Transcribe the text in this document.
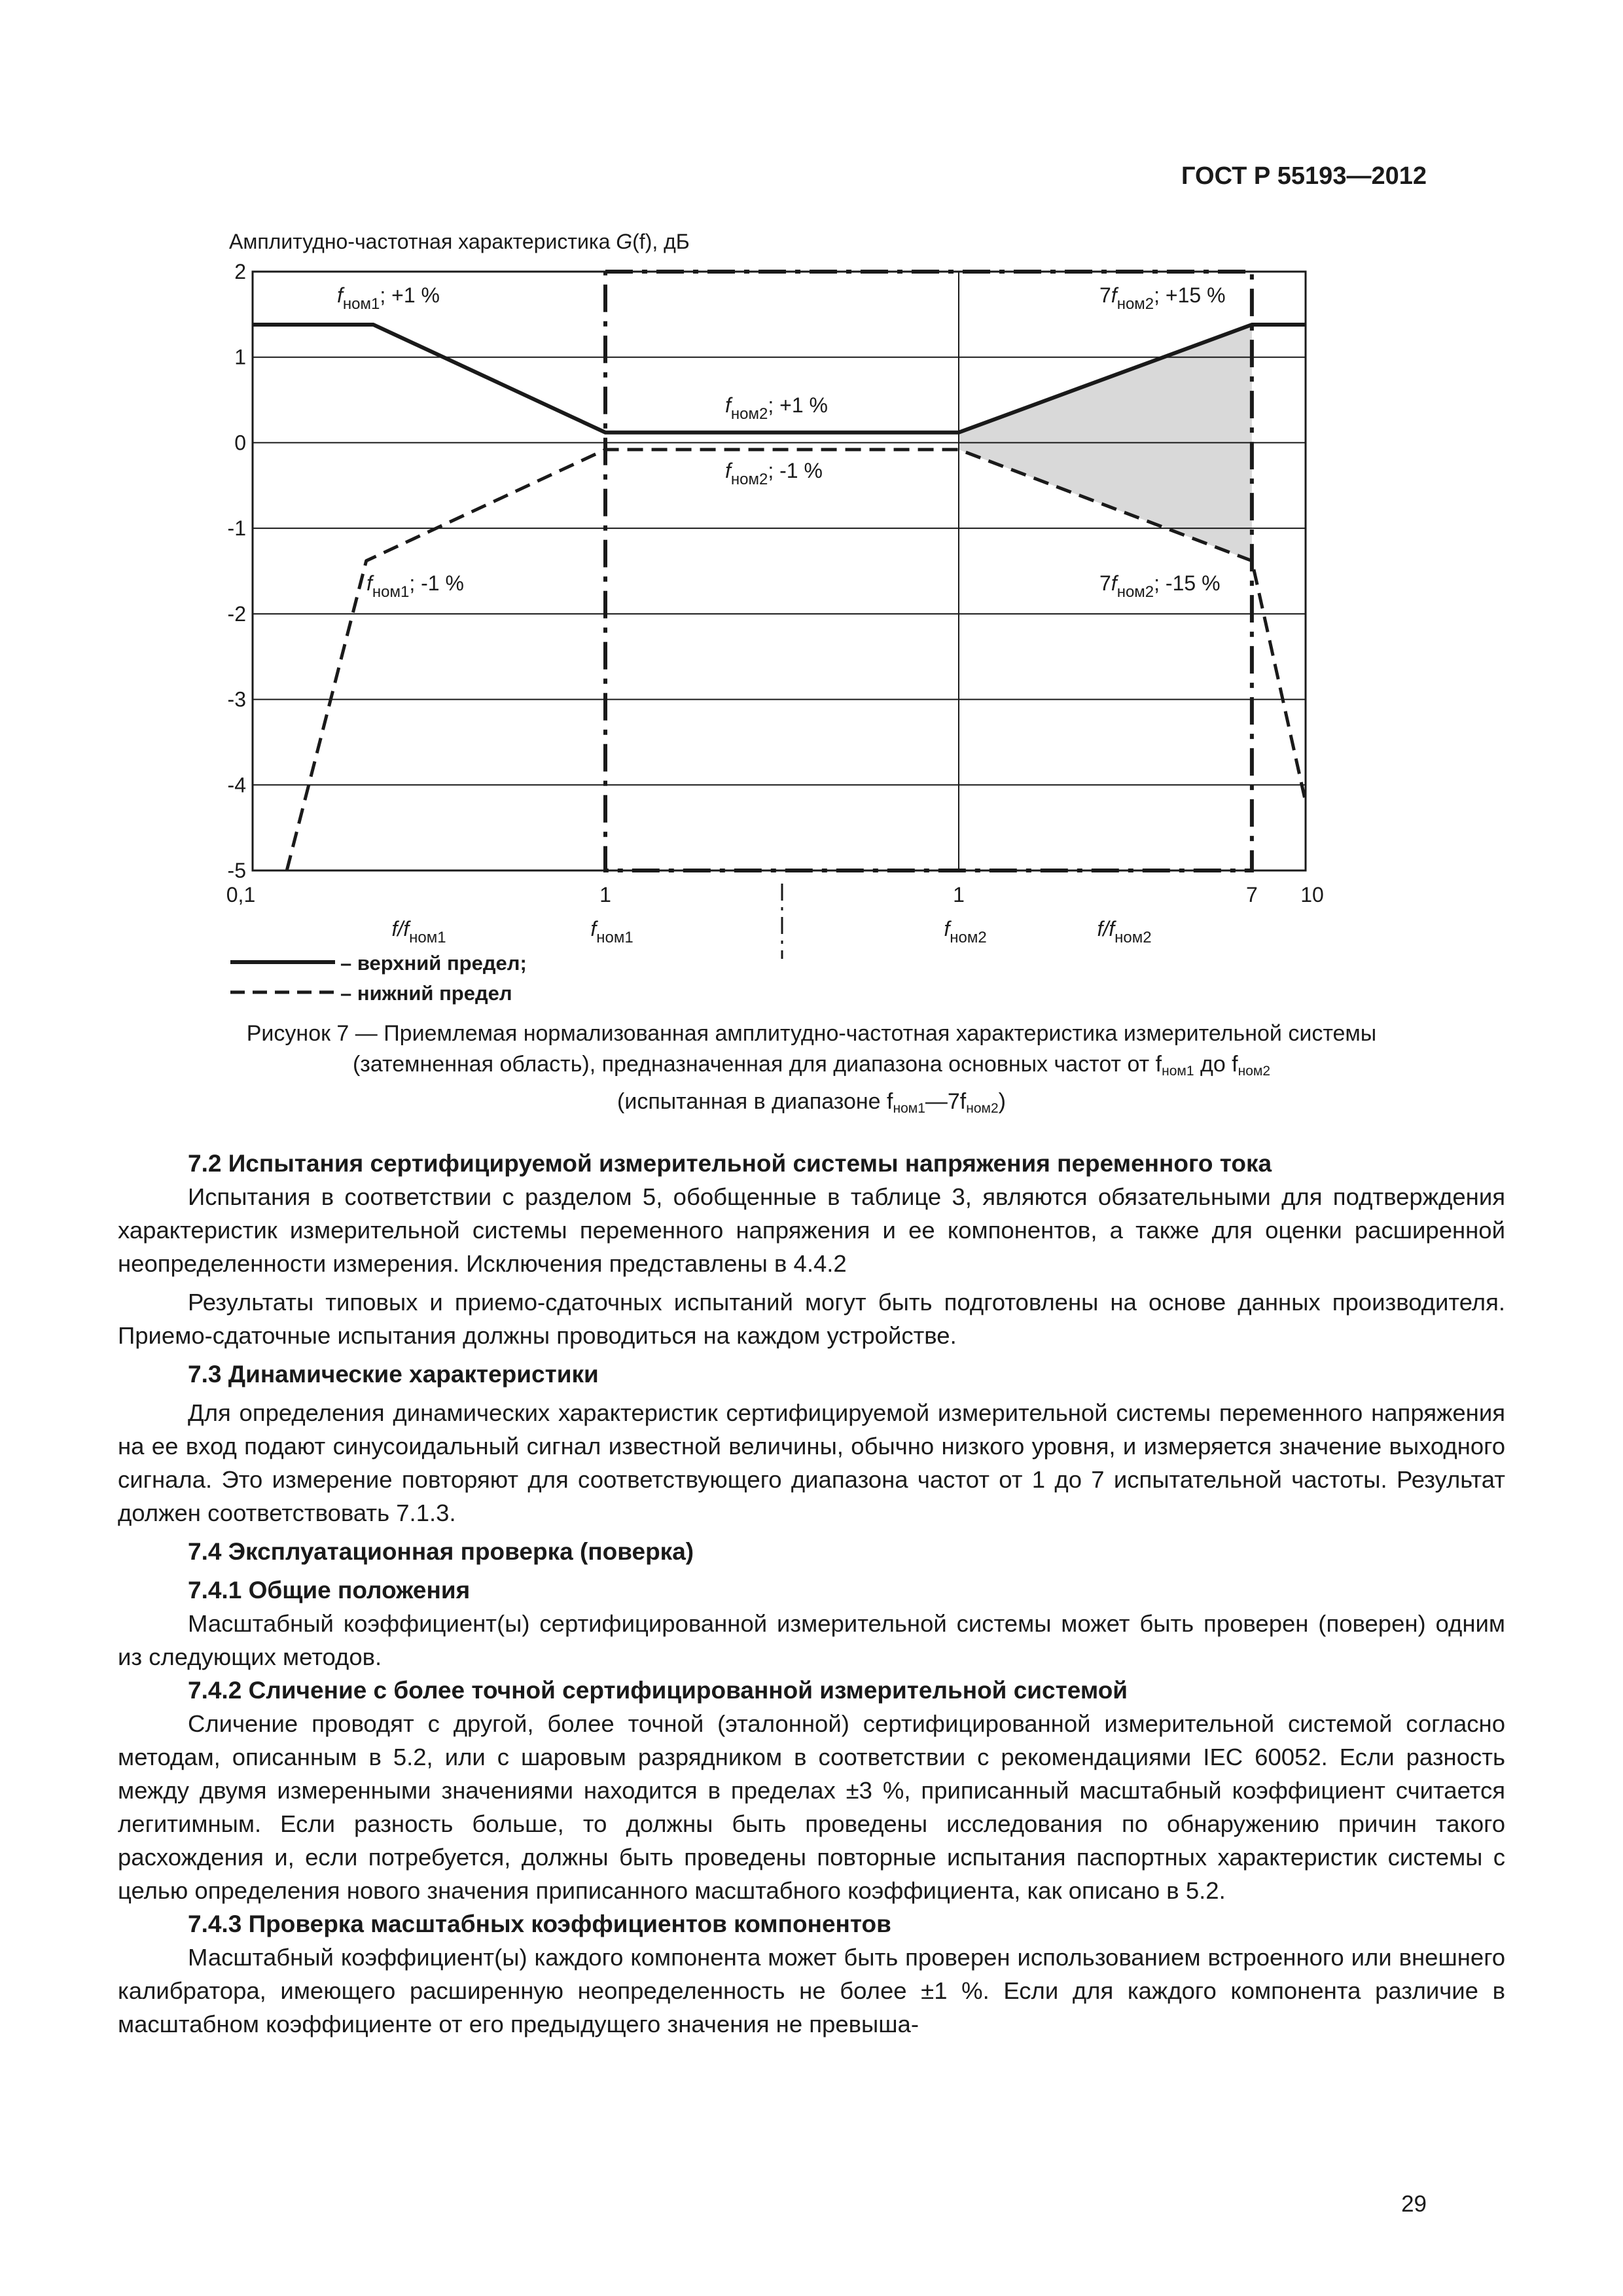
ГОСТ Р 55193—2012
Амплитудно-частотная характеристика G(f), дБ
2
1
0
-1
-2
-3
-4
-5
0,1	1	1	7 10
$f_{ном1}$; +1 %	$7f_{ном2}$; +15 %
$f_{ном2}$; +1 %
$f_{ном2}$; -1 %
$f_{ном1}$; -1 %	$7f_{ном2}$; -15 %
$f/f_{ном1}$	$f_{ном1}$	$f_{ном2}$	$f/f_{ном2}$
– верхний предел;
– нижний предел
Рисунок 7 — Приемлемая нормализованная амплитудно-частотная характеристика измерительной системы
(затемненная область), предназначенная для диапазона основных частот от $f_{ном1}$ до $f_{ном2}$
(испытанная в диапазоне $f_{ном1}—7f_{ном2}$)
7.2 Испытания сертифицируемой измерительной системы напряжения переменного тока

Испытания в соответствии с разделом 5, обобщенные в таблице 3, являются обязательными для подтверждения характеристик измерительной системы переменного напряжения и ее компонентов, а также для оценки расширенной неопределенности измерения. Исключения представлены в 4.4.2

Результаты типовых и приемо-сдаточных испытаний могут быть подготовлены на основе данных производителя. Приемо-сдаточные испытания должны проводиться на каждом устройстве.

7.3 Динамические характеристики

Для определения динамических характеристик сертифицируемой измерительной системы переменного напряжения на ее вход подают синусоидальный сигнал известной величины, обычно низкого уровня, и измеряется значение выходного сигнала. Это измерение повторяют для соответствующего диапазона частот от 1 до 7 испытательной частоты. Результат должен соответствовать 7.1.3.

7.4 Эксплуатационная проверка (поверка)
7.4.1 Общие положения

Масштабный коэффициент(ы) сертифицированной измерительной системы может быть проверен (поверен) одним из следующих методов.

7.4.2 Сличение с более точной сертифицированной измерительной системой

Сличение проводят с другой, более точной (эталонной) сертифицированной измерительной системой согласно методам, описанным в 5.2, или с шаровым разрядником в соответствии с рекомендациями IEC 60052. Если разность между двумя измеренными значениями находится в пределах ±3 %, приписанный масштабный коэффициент считается легитимным. Если разность больше, то должны быть проведены исследования по обнаружению причин такого расхождения и, если потребуется, должны быть проведены повторные испытания паспортных характеристик системы с целью определения нового значения приписанного масштабного коэффициента, как описано в 5.2.

7.4.3 Проверка масштабных коэффициентов компонентов

Масштабный коэффициент(ы) каждого компонента может быть проверен использованием встроенного или внешнего калибратора, имеющего расширенную неопределенность не более ±1 %. Если для каждого компонента различие в масштабном коэффициенте от его предыдущего значения не превыша-

29
